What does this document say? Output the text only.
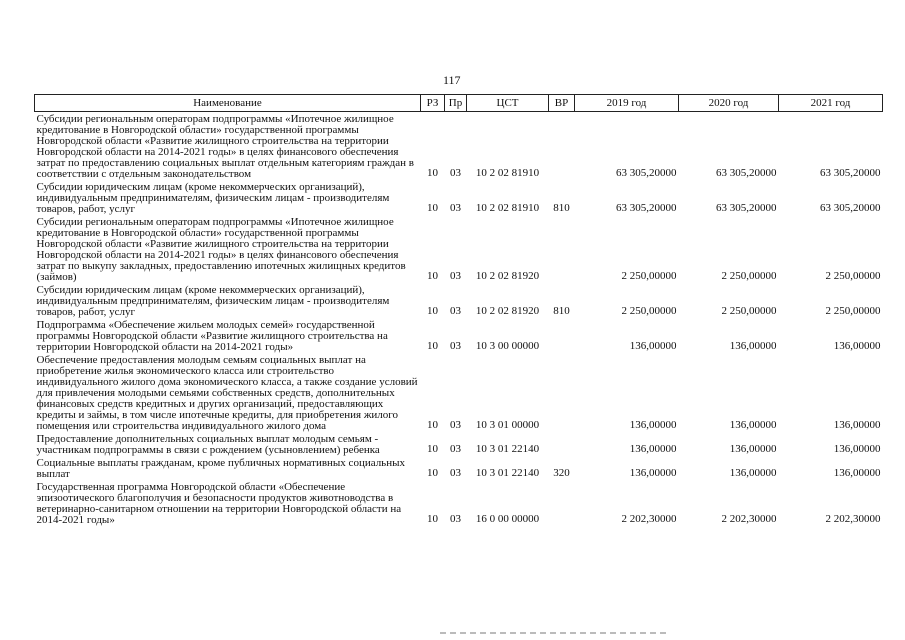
117
Наименование	РЗ	Пр	ЦСТ	ВР	2019 год	2020 год	2021 год
Субсидии региональным операторам подпрограммы «Ипотечное жилищное кредитование в Новгородской области» государственной программы Новгородской области «Развитие жилищного строительства на территории Новгородской области на 2014-2021 годы» в целях финансового обеспечения затрат по предоставлению социальных выплат отдельным категориям граждан в соответствии с отдельным законодательством	10	03	10 2 02 81910		63 305,20000	63 305,20000	63 305,20000
Субсидии юридическим лицам (кроме некоммерческих организаций), индивидуальным предпринимателям, физическим лицам - производителям товаров, работ, услуг	10	03	10 2 02 81910	810	63 305,20000	63 305,20000	63 305,20000
Субсидии региональным операторам подпрограммы «Ипотечное жилищное кредитование в Новгородской области» государственной программы Новгородской области «Развитие жилищного строительства на территории Новгородской области на 2014-2021 годы» в целях финансового обеспечения затрат по выкупу закладных, предоставлению ипотечных жилищных кредитов (займов)	10	03	10 2 02 81920		2 250,00000	2 250,00000	2 250,00000
Субсидии юридическим лицам (кроме некоммерческих организаций), индивидуальным предпринимателям, физическим лицам - производителям товаров, работ, услуг	10	03	10 2 02 81920	810	2 250,00000	2 250,00000	2 250,00000
Подпрограмма «Обеспечение жильем молодых семей» государственной программы Новгородской области «Развитие жилищного строительства на территории Новгородской области на 2014-2021 годы»	10	03	10 3 00 00000		136,00000	136,00000	136,00000
Обеспечение предоставления молодым семьям социальных выплат на приобретение жилья экономического класса или строительство индивидуального жилого дома экономического класса, а также создание условий для привлечения молодыми семьями собственных средств, дополнительных финансовых средств кредитных и других организаций, предоставляющих кредиты и займы, в том числе ипотечные кредиты, для приобретения жилого помещения или строительства индивидуального жилого дома	10	03	10 3 01 00000		136,00000	136,00000	136,00000
Предоставление дополнительных социальных выплат молодым семьям - участникам подпрограммы в связи с рождением (усыновлением) ребенка	10	03	10 3 01 22140		136,00000	136,00000	136,00000
Социальные выплаты гражданам, кроме публичных нормативных социальных выплат	10	03	10 3 01 22140	320	136,00000	136,00000	136,00000
Государственная программа Новгородской области «Обеспечение эпизоотического благополучия и безопасности продуктов животноводства в ветеринарно-санитарном отношении на территории Новгородской области на 2014-2021 годы»	10	03	16 0 00 00000		2 202,30000	2 202,30000	2 202,30000
